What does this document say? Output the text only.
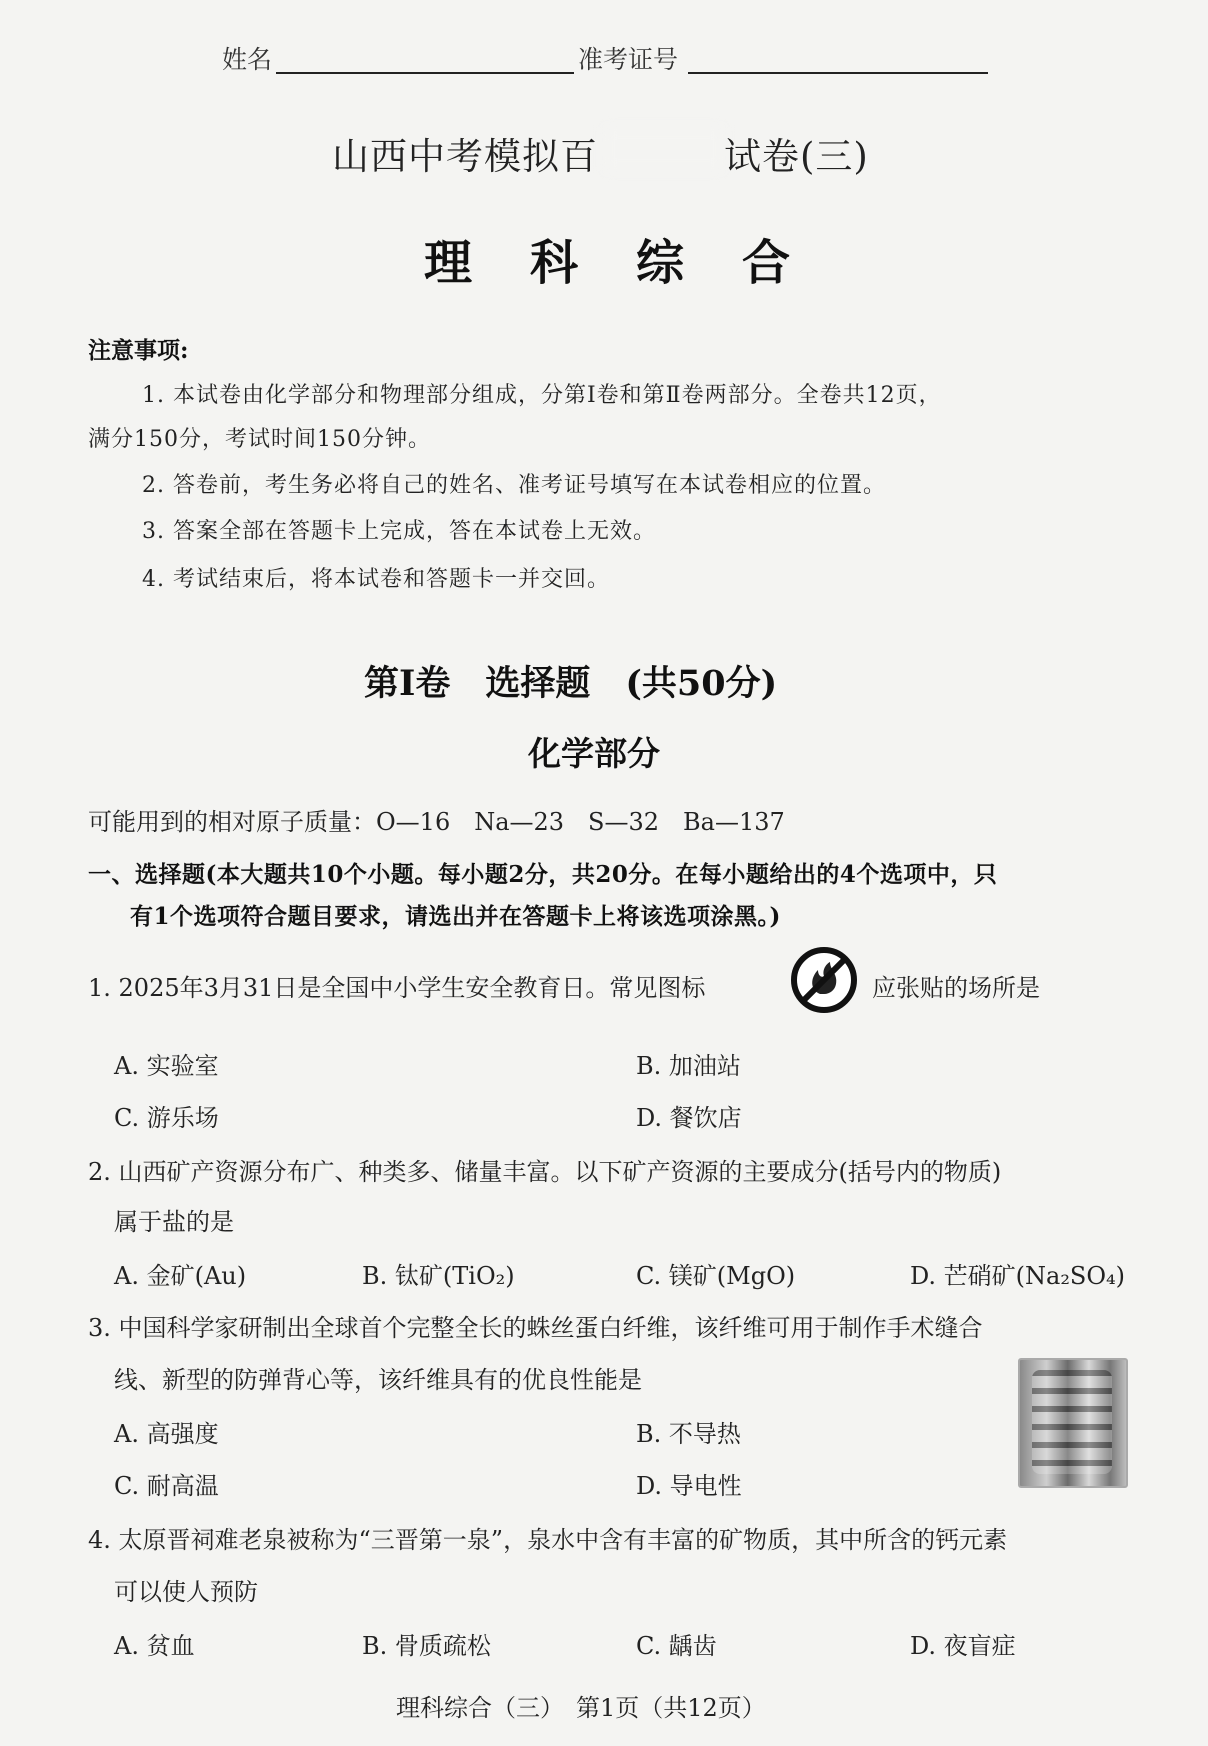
姓名	准考证号
山西中考模拟百	试卷(三)
理科综合
注意事项:
1. 本试卷由化学部分和物理部分组成，分第Ⅰ卷和第Ⅱ卷两部分。全卷共12页，
满分150分，考试时间150分钟。
2. 答卷前，考生务必将自己的姓名、准考证号填写在本试卷相应的位置。
3. 答案全部在答题卡上完成，答在本试卷上无效。
4. 考试结束后，将本试卷和答题卡一并交回。
第Ⅰ卷　选择题　(共50分)
化学部分
可能用到的相对原子质量：O—16　Na—23　S—32　Ba—137
一、选择题(本大题共10个小题。每小题2分，共20分。在每小题给出的4个选项中，只
有1个选项符合题目要求，请选出并在答题卡上将该选项涂黑。)
1. 2025年3月31日是全国中小学生安全教育日。常见图标	应张贴的场所是
A. 实验室	B. 加油站
C. 游乐场	D. 餐饮店
2. 山西矿产资源分布广、种类多、储量丰富。以下矿产资源的主要成分(括号内的物质)
属于盐的是
A. 金矿(Au)	B. 钛矿(TiO₂)	C. 镁矿(MgO)	D. 芒硝矿(Na₂SO₄)
3. 中国科学家研制出全球首个完整全长的蛛丝蛋白纤维，该纤维可用于制作手术缝合
线、新型的防弹背心等，该纤维具有的优良性能是
A. 高强度	B. 不导热
C. 耐高温	D. 导电性
4. 太原晋祠难老泉被称为“三晋第一泉”，泉水中含有丰富的矿物质，其中所含的钙元素
可以使人预防
A. 贫血	B. 骨质疏松	C. 龋齿	D. 夜盲症
理科综合（三）　第1页（共12页）
